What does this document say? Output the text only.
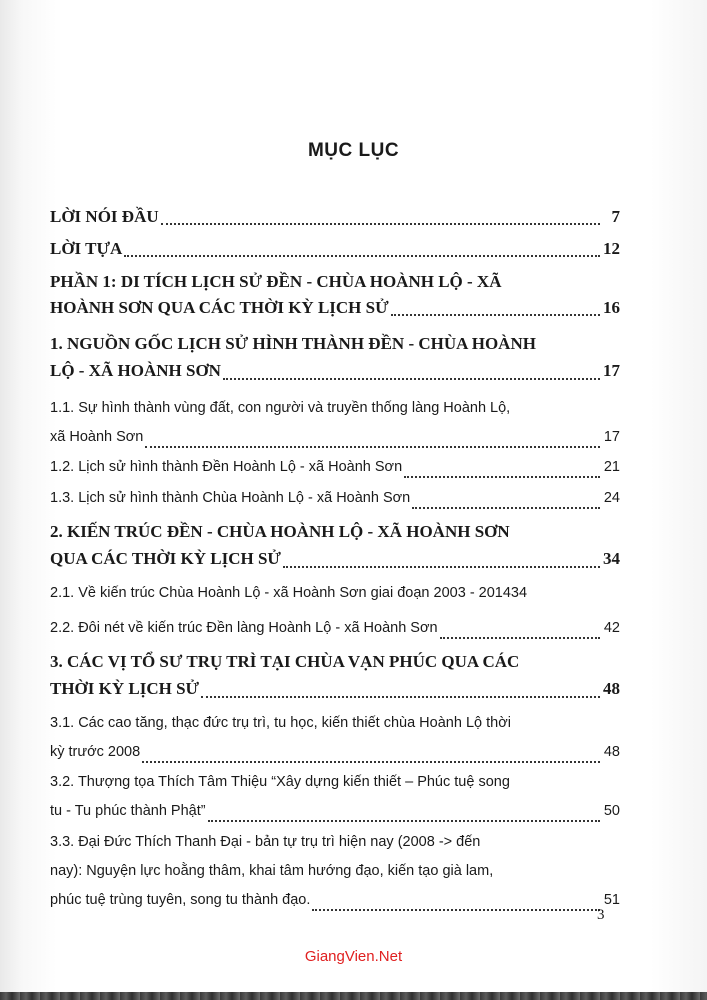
MỤC LỤC
LỜI NÓI ĐẦU	7
LỜI TỰA	12
PHẦN 1: DI TÍCH LỊCH SỬ ĐỀN - CHÙA HOÀNH LỘ - XÃ
HOÀNH SƠN QUA CÁC THỜI KỲ LỊCH SỬ	16
1. NGUỒN GỐC LỊCH SỬ HÌNH THÀNH ĐỀN - CHÙA HOÀNH
LỘ - XÃ HOÀNH SƠN	17
1.1. Sự hình thành vùng đất, con người và truyền thống làng Hoành Lộ,
xã Hoành Sơn	17
1.2. Lịch sử hình thành Đền Hoành Lộ - xã Hoành Sơn	21
1.3. Lịch sử hình thành Chùa Hoành Lộ - xã Hoành Sơn	24
2. KIẾN TRÚC ĐỀN - CHÙA HOÀNH LỘ - XÃ HOÀNH SƠN
QUA CÁC THỜI KỲ LỊCH SỬ	34
2.1. Về kiến trúc Chùa Hoành Lộ - xã Hoành Sơn giai đoạn 2003 - 201434
2.2. Đôi nét về kiến trúc Đền làng Hoành Lộ - xã Hoành Sơn	42
3. CÁC VỊ TỔ SƯ TRỤ TRÌ TẠI CHÙA VẠN PHÚC QUA CÁC
THỜI KỲ LỊCH SỬ	48
3.1. Các cao tăng, thạc đức trụ trì, tu học, kiến thiết chùa Hoành Lộ thời
kỳ trước 2008	48
3.2. Thượng tọa Thích Tâm Thiệu “Xây dựng kiến thiết – Phúc tuệ song
tu - Tu phúc thành Phật”	50
3.3. Đại Đức Thích Thanh Đại - bản tự trụ trì hiện nay (2008 -> đến
nay): Nguyện lực hoằng thâm, khai tâm hướng đạo, kiến tạo già lam,
phúc tuệ trùng tuyên, song tu thành đạo.	51
3
GiangVien.Net
